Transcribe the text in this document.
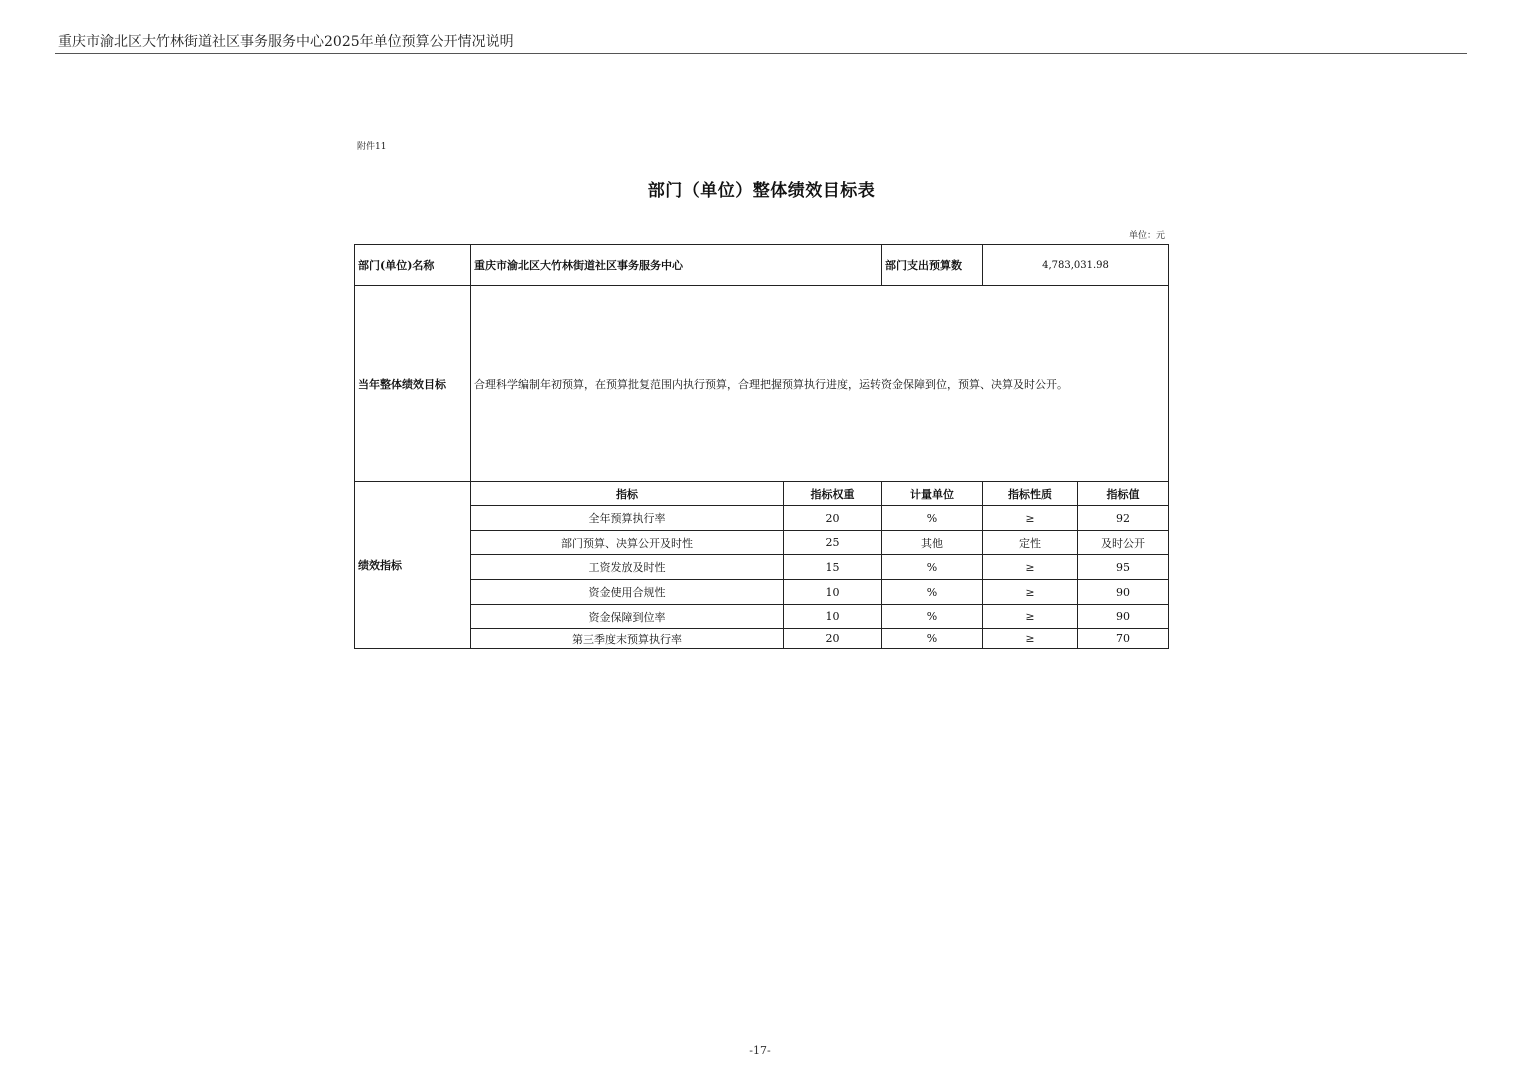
重庆市渝北区大竹林街道社区事务服务中心2025年单位预算公开情况说明
附件11
部门（单位）整体绩效目标表
单位：元
部门(单位)名称	重庆市渝北区大竹林街道社区事务服务中心		部门支出预算数	4,783,031.98	
当年整体绩效目标	合理科学编制年初预算，在预算批复范围内执行预算，合理把握预算执行进度，运转资金保障到位，预算、决算及时公开。				
绩效指标	指标	指标权重	计量单位	指标性质	指标值
	全年预算执行率	20	%	≥	92
	部门预算、决算公开及时性	25	其他	定性	及时公开
	工资发放及时性	15	%	≥	95
	资金使用合规性	10	%	≥	90
	资金保障到位率	10	%	≥	90
	第三季度末预算执行率	20	%	≥	70
-17-
